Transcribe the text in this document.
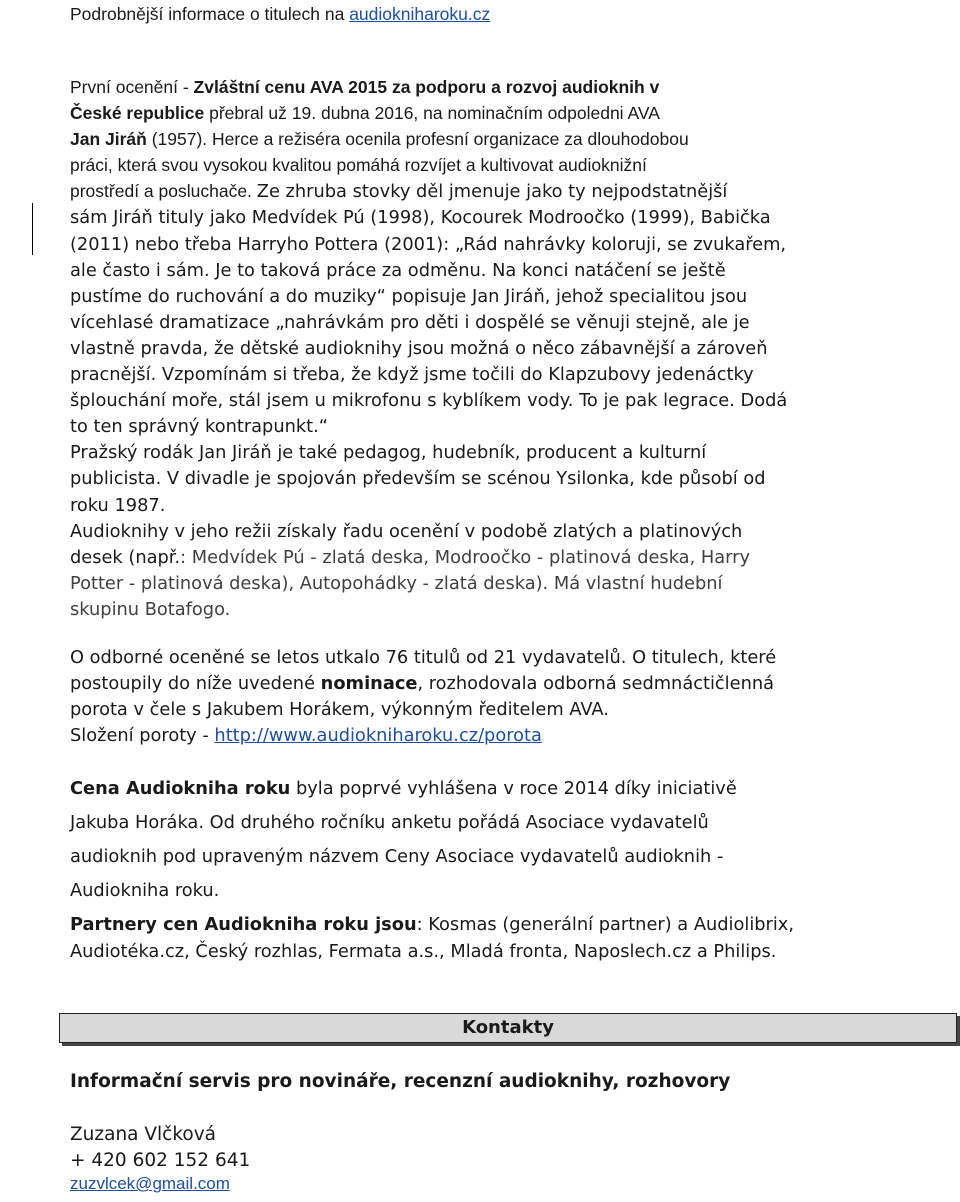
Podrobnější informace o titulech na audiokniharoku.cz

První ocenění - Zvláštní cenu AVA 2015 za podporu a rozvoj audioknih v
České republice přebral už 19. dubna 2016, na nominačním odpoledni AVA
Jan Jiráň (1957). Herce a režiséra ocenila profesní organizace za dlouhodobou
práci, která svou vysokou kvalitou pomáhá rozvíjet a kultivovat audioknižní
prostředí a posluchače. Ze zhruba stovky děl jmenuje jako ty nejpodstatnější
sám Jiráň tituly jako Medvídek Pú (1998), Kocourek Modroočko (1999), Babička
(2011) nebo třeba Harryho Pottera (2001): „Rád nahrávky koloruji, se zvukařem,
ale často i sám. Je to taková práce za odměnu. Na konci natáčení se ještě
pustíme do ruchování a do muziky“ popisuje Jan Jiráň, jehož specialitou jsou
vícehlasé dramatizace „nahrávkám pro děti i dospělé se věnuji stejně, ale je
vlastně pravda, že dětské audioknihy jsou možná o něco zábavnější a zároveň
pracnější. Vzpomínám si třeba, že když jsme točili do Klapzubovy jedenáctky
šplouchání moře, stál jsem u mikrofonu s kyblíkem vody. To je pak legrace. Dodá
to ten správný kontrapunkt.“
Pražský rodák Jan Jiráň je také pedagog, hudebník, producent a kulturní
publicista. V divadle je spojován především se scénou Ysilonka, kde působí od
roku 1987.
Audioknihy v jeho režii získaly řadu ocenění v podobě zlatých a platinových
desek (např.: Medvídek Pú - zlatá deska, Modroočko - platinová deska, Harry
Potter - platinová deska), Autopohádky - zlatá deska). Má vlastní hudební
skupinu Botafogo.
O odborné oceněné se letos utkalo 76 titulů od 21 vydavatelů. O titulech, které
postoupily do níže uvedené nominace, rozhodovala odborná sedmnáctičlenná
porota v čele s Jakubem Horákem, výkonným ředitelem AVA.
Složení poroty - http://www.audiokniharoku.cz/porota
Cena Audiokniha roku byla poprvé vyhlášena v roce 2014 díky iniciativě
Jakuba Horáka. Od druhého ročníku anketu pořádá Asociace vydavatelů
audioknih pod upraveným názvem Ceny Asociace vydavatelů audioknih -
Audiokniha roku.
Partnery cen Audiokniha roku jsou: Kosmas (generální partner) a Audiolibrix,
Audiotéka.cz, Český rozhlas, Fermata a.s., Mladá fronta, Naposlech.cz a Philips.
Kontakty
Informační servis pro novináře, recenzní audioknihy, rozhovory
Zuzana Vlčková
+ 420 602 152 641
zuzvlcek@gmail.com
